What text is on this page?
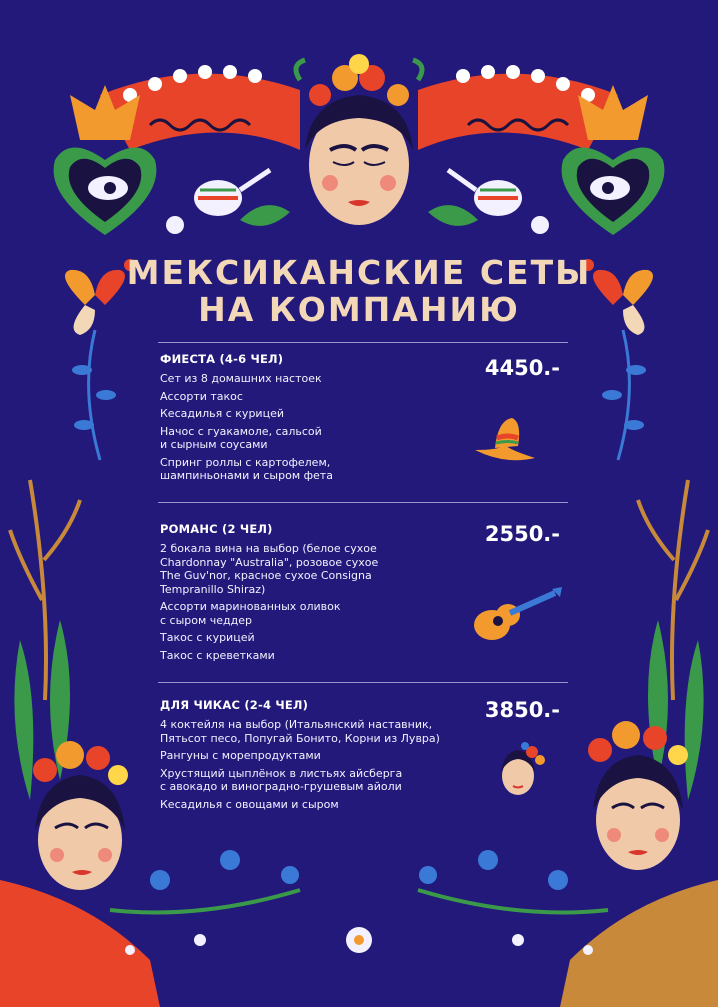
МЕКСИКАНСКИЕ СЕТЫ
НА КОМПАНИЮ
ФИЕСТА (4-6 ЧЕЛ)	4450.-
Сет из 8 домашних настоек
Ассорти такос
Кесадилья с курицей
Начос с гуакамоле, сальсой
и сырным соусами
Спринг роллы с картофелем,
шампиньонами и сыром фета
РОМАНС (2 ЧЕЛ)	2550.-
2 бокала вина на выбор (белое сухое
Chardonnay "Australia", розовое сухое
The Guv'nor, красное сухое Consigna
Tempranillo Shiraz)
Ассорти маринованных оливок
с сыром чеддер
Такос с курицей
Такос с креветками
ДЛЯ ЧИКАС (2-4 ЧЕЛ)	3850.-
4 коктейля на выбор (Итальянский наставник,
Пятьсот песо, Попугай Бонито, Корни из Лувра)
Рангуны с морепродуктами
Хрустящий цыплёнок в листьях айсберга
с авокадо и виноградно-грушевым айоли
Кесадилья с овощами и сыром
